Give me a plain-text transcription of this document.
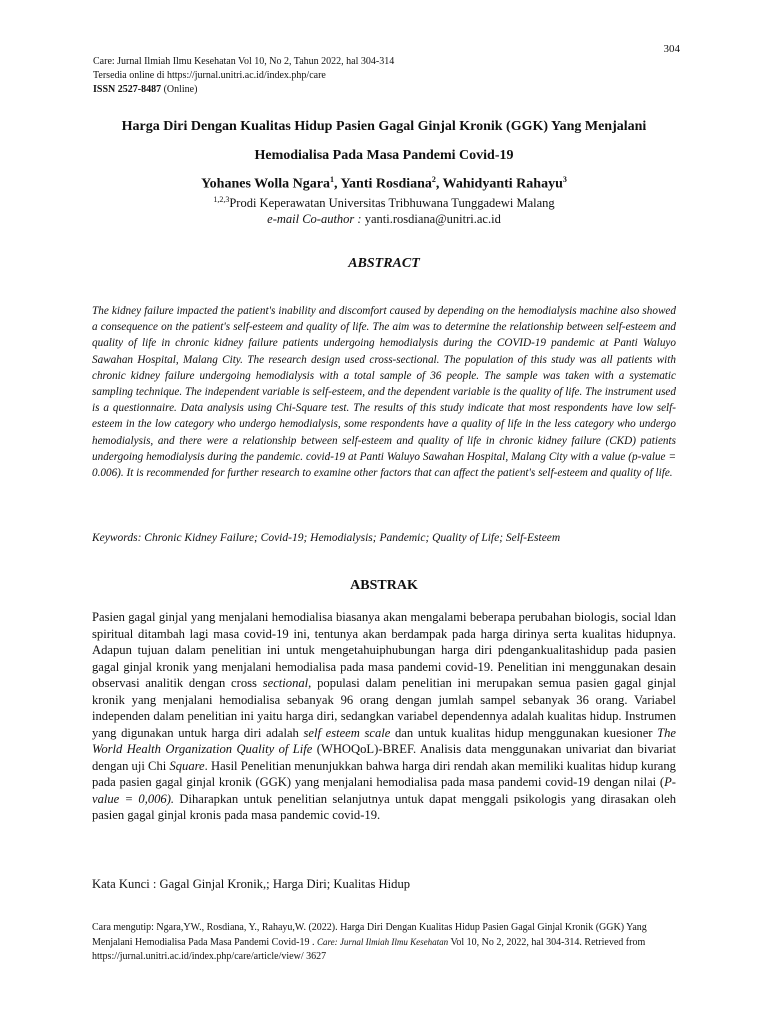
304
Care: Jurnal Ilmiah Ilmu Kesehatan Vol 10, No 2, Tahun 2022, hal 304-314
Tersedia online di https://jurnal.unitri.ac.id/index.php/care
ISSN 2527-8487 (Online)
Harga Diri Dengan Kualitas Hidup Pasien Gagal Ginjal Kronik (GGK) Yang Menjalani
Hemodialisa Pada Masa Pandemi Covid-19
Yohanes Wolla Ngara$^1$, Yanti Rosdiana$^2$, Wahidyanti Rahayu$^3$
$^{1,2,3}$Prodi Keperawatan Universitas Tribhuwana Tunggadewi Malang
e-mail Co-author : yanti.rosdiana@unitri.ac.id
ABSTRACT
The kidney failure impacted the patient's inability and discomfort caused by depending on the hemodialysis machine also showed a consequence on the patient's self-esteem and quality of life. The aim was to determine the relationship between self-esteem and quality of life in chronic kidney failure patients undergoing hemodialysis during the COVID-19 pandemic at Panti Waluyo Sawahan Hospital, Malang City. The research design used cross-sectional. The population of this study was all patients with chronic kidney failure undergoing hemodialysis with a total sample of 36 people. The sample was taken with a systematic sampling technique. The independent variable is self-esteem, and the dependent variable is the quality of life. The instrument used is a questionnaire. Data analysis using Chi-Square test. The results of this study indicate that most respondents have low self-esteem in the low category who undergo hemodialysis, some respondents have a quality of life in the less category who undergo hemodialysis, and there were a relationship between self-esteem and quality of life in chronic kidney failure (CKD) patients undergoing hemodialysis during the pandemic. covid-19 at Panti Waluyo Sawahan Hospital, Malang City with a value (p-value = 0.006). It is recommended for further research to examine other factors that can affect the patient's self-esteem and quality of life.
Keywords: Chronic Kidney Failure; Covid-19; Hemodialysis; Pandemic; Quality of Life; Self-Esteem
ABSTRAK
Pasien gagal ginjal yang menjalani hemodialisa biasanya akan mengalami beberapa perubahan biologis, social ldan spiritual ditambah lagi masa covid-19 ini, tentunya akan berdampak pada harga dirinya serta kualitas hidupnya. Adapun tujuan dalam penelitian ini untuk mengetahuiphubungan harga diri pdengankualitashidup pada pasien gagal ginjal kronik yang menjalani hemodialisa pada masa pandemi covid-19. Penelitian ini menggunakan desain observasi analitik dengan cross sectional, populasi dalam penelitian ini merupakan semua pasien gagal ginjal kronik yang menjalani hemodialisa sebanyak 96 orang dengan jumlah sampel sebanyak 36 orang. Variabel independen dalam penelitian ini yaitu harga diri, sedangkan variabel dependennya adalah kualitas hidup. Instrumen yang digunakan untuk harga diri adalah self esteem scale dan untuk kualitas hidup menggunakan kuesioner The World Health Organization Quality of Life (WHOQoL)-BREF. Analisis data menggunakan univariat dan bivariat dengan uji Chi Square. Hasil Penelitian menunjukkan bahwa harga diri rendah akan memiliki kualitas hidup kurang pada pasien gagal ginjal kronik (GGK) yang menjalani hemodialisa pada masa pandemi covid-19 dengan nilai (P-value = 0,006). Diharapkan untuk penelitian selanjutnya untuk dapat menggali psikologis yang dirasakan oleh pasien gagal ginjal kronis pada masa pandemic covid-19.
Kata Kunci : Gagal Ginjal Kronik,; Harga Diri; Kualitas Hidup
Cara mengutip: Ngara,YW., Rosdiana, Y., Rahayu,W. (2022). Harga Diri Dengan Kualitas Hidup Pasien Gagal Ginjal Kronik (GGK) Yang Menjalani Hemodialisa Pada Masa Pandemi Covid-19 . Care: Jurnal Ilmiah Ilmu Kesehatan Vol 10, No 2, 2022, hal 304-314. Retrieved from https://jurnal.unitri.ac.id/index.php/care/article/view/ 3627
